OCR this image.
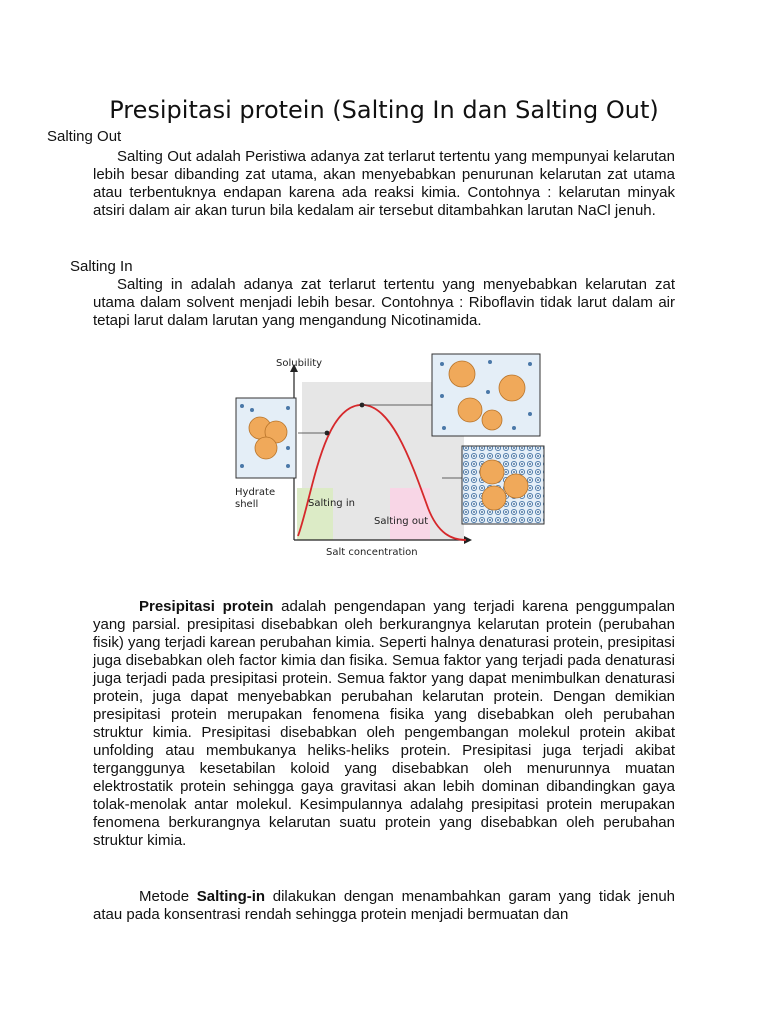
Presipitasi protein (Salting In dan Salting Out)
Salting Out

Salting Out adalah Peristiwa adanya zat terlarut tertentu yang mempunyai kelarutan lebih besar dibanding zat utama, akan menyebabkan penurunan kelarutan zat utama atau terbentuknya endapan karena ada reaksi kimia. Contohnya : kelarutan minyak atsiri dalam air akan turun bila kedalam air tersebut ditambahkan larutan NaCl jenuh.

Salting In

Salting in adalah adanya zat terlarut tertentu yang menyebabkan kelarutan zat utama dalam solvent menjadi lebih besar. Contohnya : Riboflavin tidak larut dalam air tetapi larut dalam larutan yang mengandung Nicotinamida.

Solubility
Salt concentration
Hydrate
shell	Salting in
Salting out

Presipitasi protein adalah pengendapan yang terjadi karena penggumpalan yang parsial. presipitasi disebabkan oleh berkurangnya kelarutan protein (perubahan fisik) yang terjadi karean perubahan kimia. Seperti halnya denaturasi protein, presipitasi juga disebabkan oleh factor kimia dan fisika. Semua faktor yang terjadi pada denaturasi juga terjadi pada presipitasi protein. Semua faktor yang dapat menimbulkan denaturasi protein, juga dapat menyebabkan perubahan kelarutan protein. Dengan demikian presipitasi protein merupakan fenomena fisika yang disebabkan oleh perubahan struktur kimia. Presipitasi disebabkan oleh pengembangan molekul protein akibat unfolding atau membukanya heliks-heliks protein. Presipitasi juga terjadi akibat terganggunya kesetabilan koloid yang disebabkan oleh menurunnya muatan elektrostatik protein sehingga gaya gravitasi akan lebih dominan dibandingkan gaya tolak-menolak antar molekul. Kesimpulannya adalahg presipitasi protein merupakan fenomena berkurangnya kelarutan suatu protein yang disebabkan oleh perubahan struktur kimia.

Metode Salting-in dilakukan dengan menambahkan garam yang tidak jenuh atau pada konsentrasi rendah sehingga protein menjadi bermuatan dan
